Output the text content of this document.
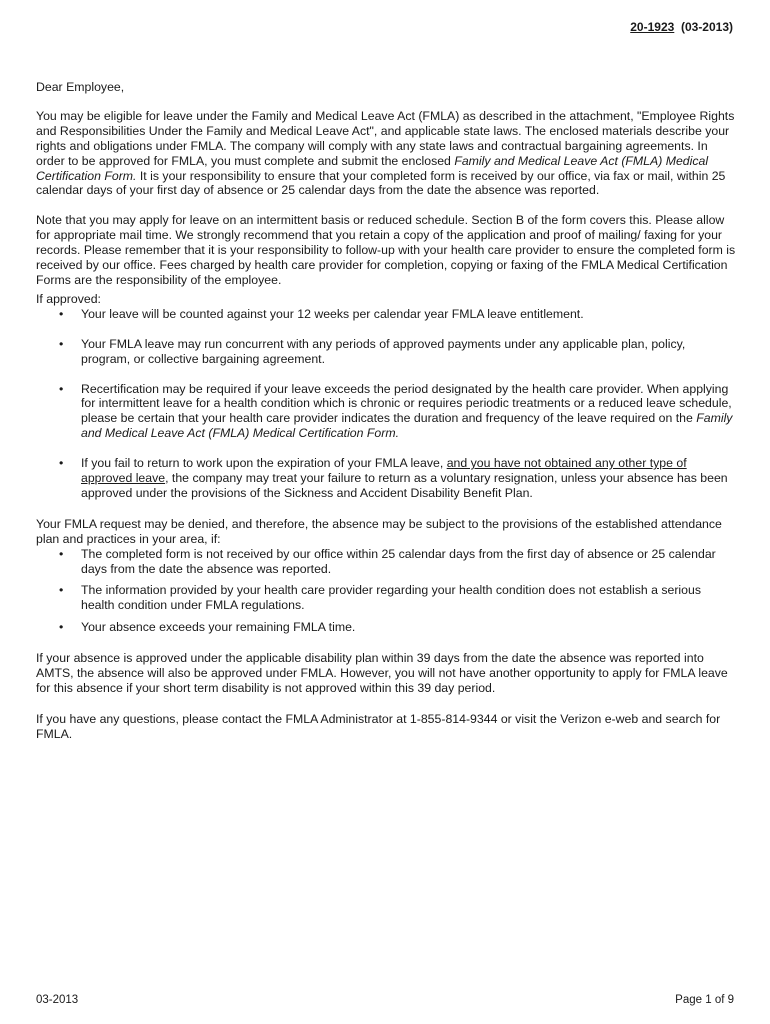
20-1923 (03-2013)

Dear Employee,

You may be eligible for leave under the Family and Medical Leave Act (FMLA) as described in the attachment, "Employee Rights and Responsibilities Under the Family and Medical Leave Act", and applicable state laws. The enclosed materials describe your rights and obligations under FMLA. The company will comply with any state laws and contractual bargaining agreements. In order to be approved for FMLA, you must complete and submit the enclosed Family and Medical Leave Act (FMLA) Medical Certification Form. It is your responsibility to ensure that your completed form is received by our office, via fax or mail, within 25 calendar days of your first day of absence or 25 calendar days from the date the absence was reported.

Note that you may apply for leave on an intermittent basis or reduced schedule. Section B of the form covers this. Please allow for appropriate mail time. We strongly recommend that you retain a copy of the application and proof of mailing/ faxing for your records. Please remember that it is your responsibility to follow-up with your health care provider to ensure the completed form is received by our office. Fees charged by health care provider for completion, copying or faxing of the FMLA Medical Certification Forms are the responsibility of the employee.

If approved:

• Your leave will be counted against your 12 weeks per calendar year FMLA leave entitlement.
• Your FMLA leave may run concurrent with any periods of approved payments under any applicable plan, policy, program, or collective bargaining agreement.
• Recertification may be required if your leave exceeds the period designated by the health care provider. When applying for intermittent leave for a health condition which is chronic or requires periodic treatments or a reduced leave schedule, please be certain that your health care provider indicates the duration and frequency of the leave required on the Family and Medical Leave Act (FMLA) Medical Certification Form.
• If you fail to return to work upon the expiration of your FMLA leave, and you have not obtained any other type of approved leave, the company may treat your failure to return as a voluntary resignation, unless your absence has been approved under the provisions of the Sickness and Accident Disability Benefit Plan.

Your FMLA request may be denied, and therefore, the absence may be subject to the provisions of the established attendance plan and practices in your area, if:

• The completed form is not received by our office within 25 calendar days from the first day of absence or 25 calendar days from the date the absence was reported.
• The information provided by your health care provider regarding your health condition does not establish a serious health condition under FMLA regulations.
• Your absence exceeds your remaining FMLA time.

If your absence is approved under the applicable disability plan within 39 days from the date the absence was reported into AMTS, the absence will also be approved under FMLA. However, you will not have another opportunity to apply for FMLA leave for this absence if your short term disability is not approved within this 39 day period.

If you have any questions, please contact the FMLA Administrator at 1-855-814-9344 or visit the Verizon e-web and search for FMLA.

03-2013	Page 1 of 9
